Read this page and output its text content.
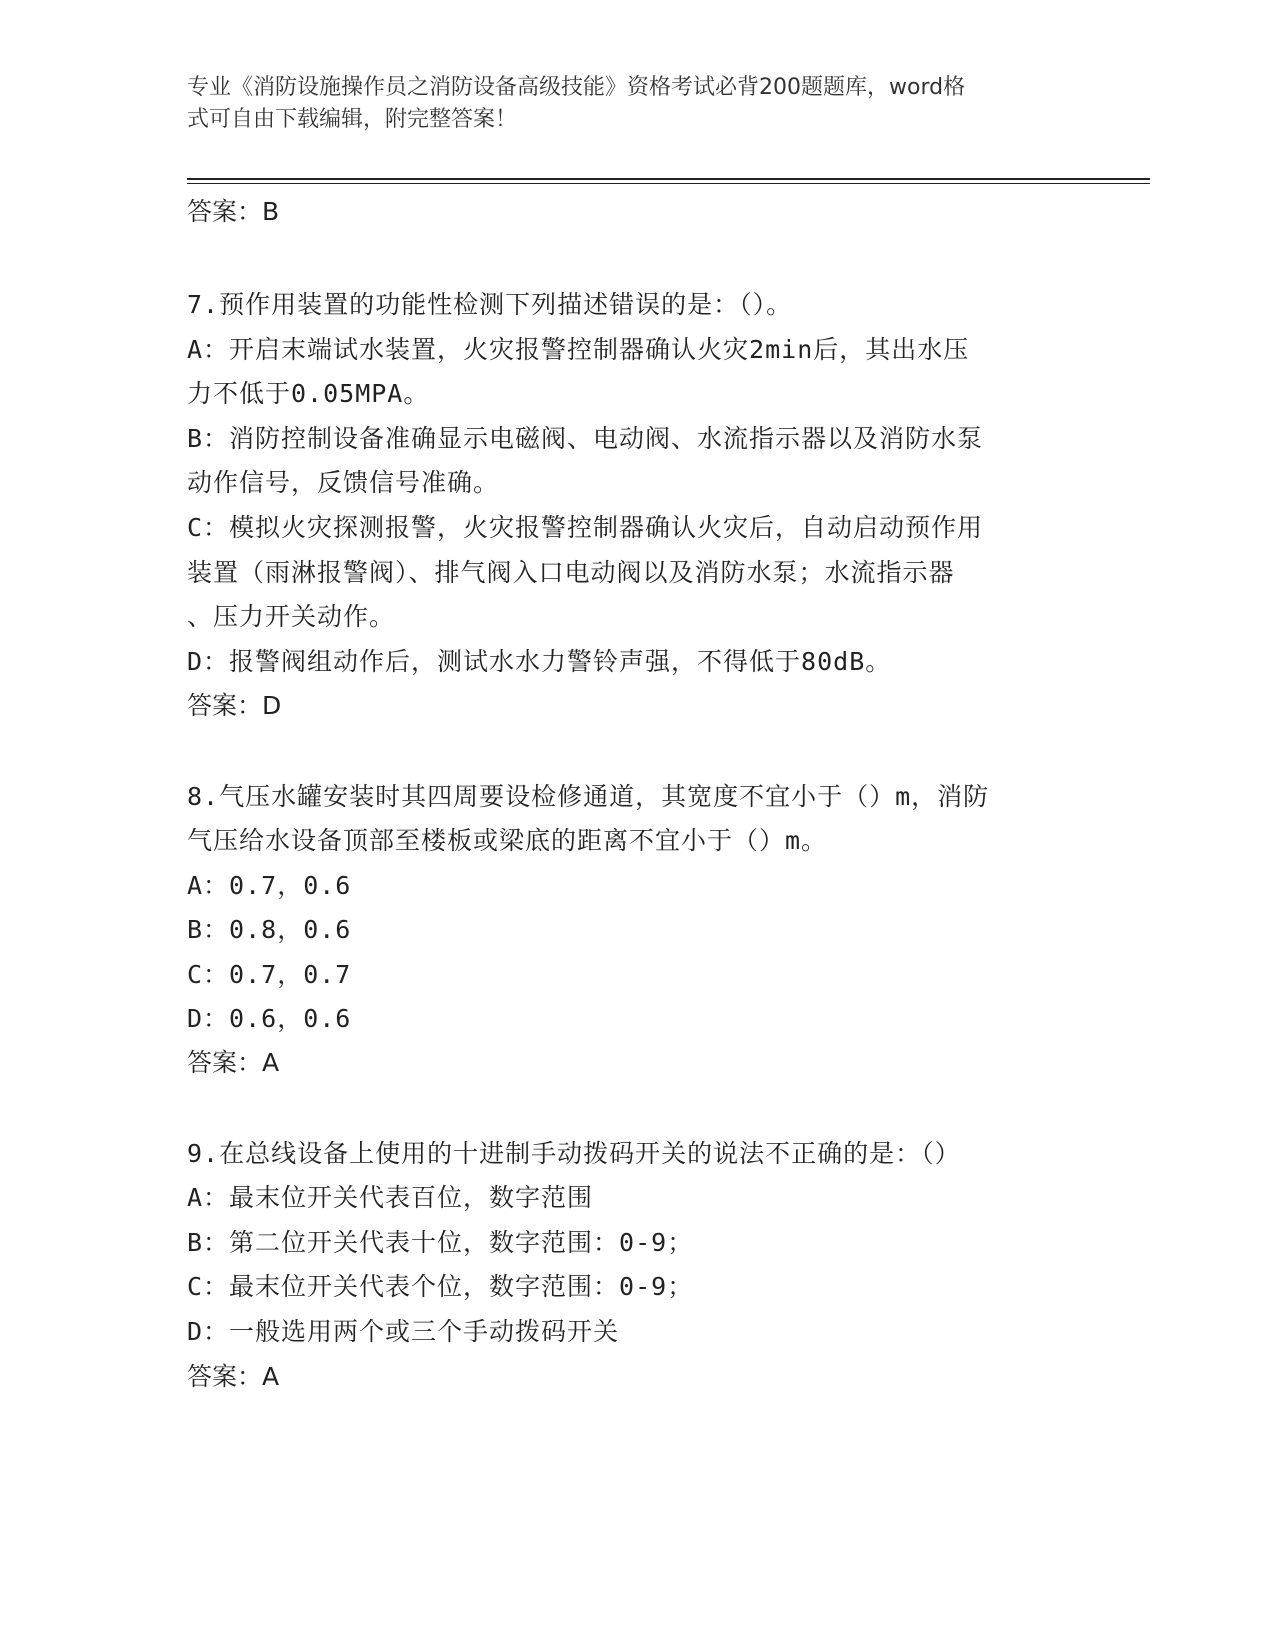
专业《消防设施操作员之消防设备高级技能》资格考试必背200题题库，word格
式可自由下载编辑，附完整答案！
答案：B
7.预作用装置的功能性检测下列描述错误的是：（）。
A：开启末端试水装置，火灾报警控制器确认火灾2min后，其出水压
力不低于0.05MPA。
B：消防控制设备准确显示电磁阀、电动阀、水流指示器以及消防水泵
动作信号，反馈信号准确。
C：模拟火灾探测报警，火灾报警控制器确认火灾后，自动启动预作用
装置（雨淋报警阀）、排气阀入口电动阀以及消防水泵；水流指示器
、压力开关动作。
D：报警阀组动作后，测试水水力警铃声强，不得低于80dB。
答案：D
8.气压水罐安装时其四周要设检修通道，其宽度不宜小于（）m，消防
气压给水设备顶部至楼板或梁底的距离不宜小于（）m。
A：0.7，0.6
B：0.8，0.6
C：0.7，0.7
D：0.6，0.6
答案：A
9.在总线设备上使用的十进制手动拨码开关的说法不正确的是：（）
A：最末位开关代表百位，数字范围
B：第二位开关代表十位，数字范围：0-9；
C：最末位开关代表个位，数字范围：0-9；
D：一般选用两个或三个手动拨码开关
答案：A
